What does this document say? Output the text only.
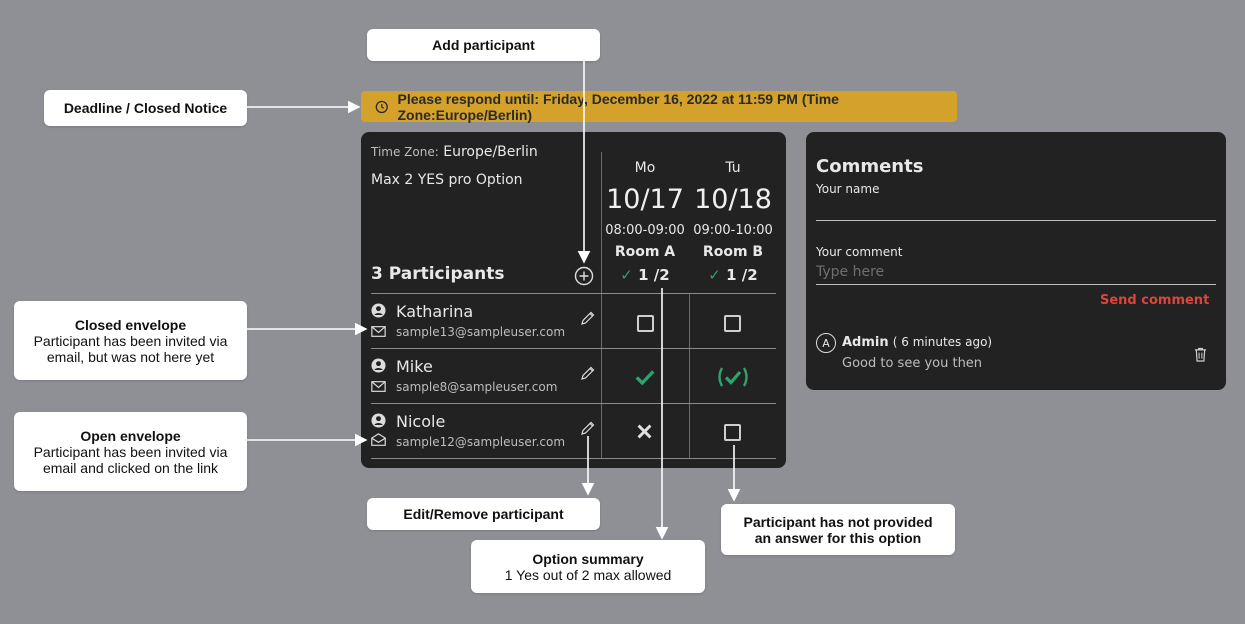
Add participant
Deadline / Closed Notice
Closed envelope
Participant has been invited via email, but was not here yet
Open envelope
Participant has been invited via email and clicked on the link
Edit/Remove participant
Option summary
1 Yes out of 2 max allowed
Participant has not provided an answer for this option
Please respond until: Friday, December 16, 2022 at 11:59 PM (Time Zone:Europe/Berlin)
Time Zone: Europe/Berlin
Max 2 YES pro Option
3 Participants
Mo
10/17
08:00-09:00
Room A
✓ 1 /2
Tu
10/18
09:00-10:00
Room B
✓ 1 /2
Katharina
sample13@sampleuser.com
Mike
sample8@sampleuser.com
Nicole
sample12@sampleuser.com
Comments
Your name
Your comment
Type here
Send comment
A Admin ( 6 minutes ago)
Good to see you then
